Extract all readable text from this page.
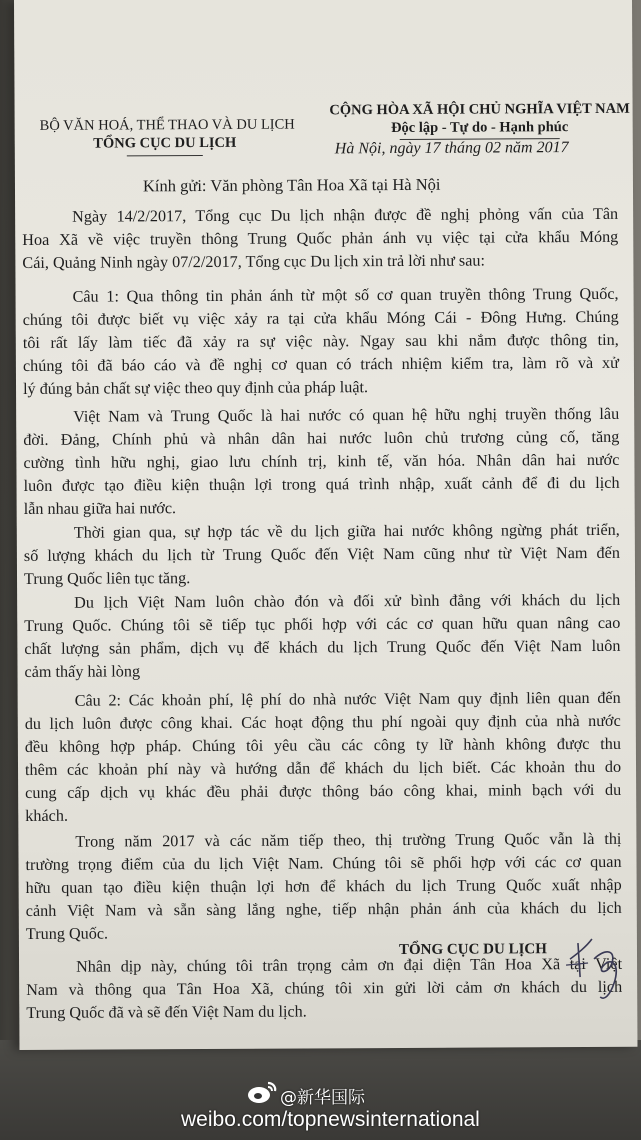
BỘ VĂN HOÁ, THỂ THAO VÀ DU LỊCH
TỔNG CỤC DU LỊCH
CỘNG HÒA XÃ HỘI CHỦ NGHĨA VIỆT NAM
Độc lập - Tự do - Hạnh phúc
Hà Nội, ngày 17 tháng 02 năm 2017
Kính gửi: Văn phòng Tân Hoa Xã tại Hà Nội
Ngày 14/2/2017, Tổng cục Du lịch nhận được đề nghị phỏng vấn của Tân
Hoa Xã về việc truyền thông Trung Quốc phản ánh vụ việc tại cửa khẩu Móng
Cái, Quảng Ninh ngày 07/2/2017, Tổng cục Du lịch xin trả lời như sau:
Câu 1: Qua thông tin phản ánh từ một số cơ quan truyền thông Trung Quốc,
chúng tôi được biết vụ việc xảy ra tại cửa khẩu Móng Cái - Đông Hưng. Chúng
tôi rất lấy làm tiếc đã xảy ra sự việc này. Ngay sau khi nắm được thông tin,
chúng tôi đã báo cáo và đề nghị cơ quan có trách nhiệm kiểm tra, làm rõ và xử
lý đúng bản chất sự việc theo quy định của pháp luật.
Việt Nam và Trung Quốc là hai nước có quan hệ hữu nghị truyền thống lâu
đời. Đảng, Chính phủ và nhân dân hai nước luôn chủ trương củng cố, tăng
cường tình hữu nghị, giao lưu chính trị, kinh tế, văn hóa. Nhân dân hai nước
luôn được tạo điều kiện thuận lợi trong quá trình nhập, xuất cảnh để đi du lịch
lẫn nhau giữa hai nước.
Thời gian qua, sự hợp tác về du lịch giữa hai nước không ngừng phát triển,
số lượng khách du lịch từ Trung Quốc đến Việt Nam cũng như từ Việt Nam đến
Trung Quốc liên tục tăng.
Du lịch Việt Nam luôn chào đón và đối xử bình đẳng với khách du lịch
Trung Quốc. Chúng tôi sẽ tiếp tục phối hợp với các cơ quan hữu quan nâng cao
chất lượng sản phẩm, dịch vụ để khách du lịch Trung Quốc đến Việt Nam luôn
cảm thấy hài lòng
Câu 2: Các khoản phí, lệ phí do nhà nước Việt Nam quy định liên quan đến
du lịch luôn được công khai. Các hoạt động thu phí ngoài quy định của nhà nước
đều không hợp pháp. Chúng tôi yêu cầu các công ty lữ hành không được thu
thêm các khoản phí này và hướng dẫn để khách du lịch biết. Các khoản thu do
cung cấp dịch vụ khác đều phải được thông báo công khai, minh bạch với du
khách.
Trong năm 2017 và các năm tiếp theo, thị trường Trung Quốc vẫn là thị
trường trọng điểm của du lịch Việt Nam. Chúng tôi sẽ phối hợp với các cơ quan
hữu quan tạo điều kiện thuận lợi hơn để khách du lịch Trung Quốc xuất nhập
cảnh Việt Nam và sẵn sàng lắng nghe, tiếp nhận phản ánh của khách du lịch
Trung Quốc.
Nhân dịp này, chúng tôi trân trọng cảm ơn đại diện Tân Hoa Xã tại Việt
Nam và thông qua Tân Hoa Xã, chúng tôi xin gửi lời cảm ơn khách du lịch
Trung Quốc đã và sẽ đến Việt Nam du lịch.
TỔNG CỤC DU LỊCH
@新华国际
weibo.com/topnewsinternational
